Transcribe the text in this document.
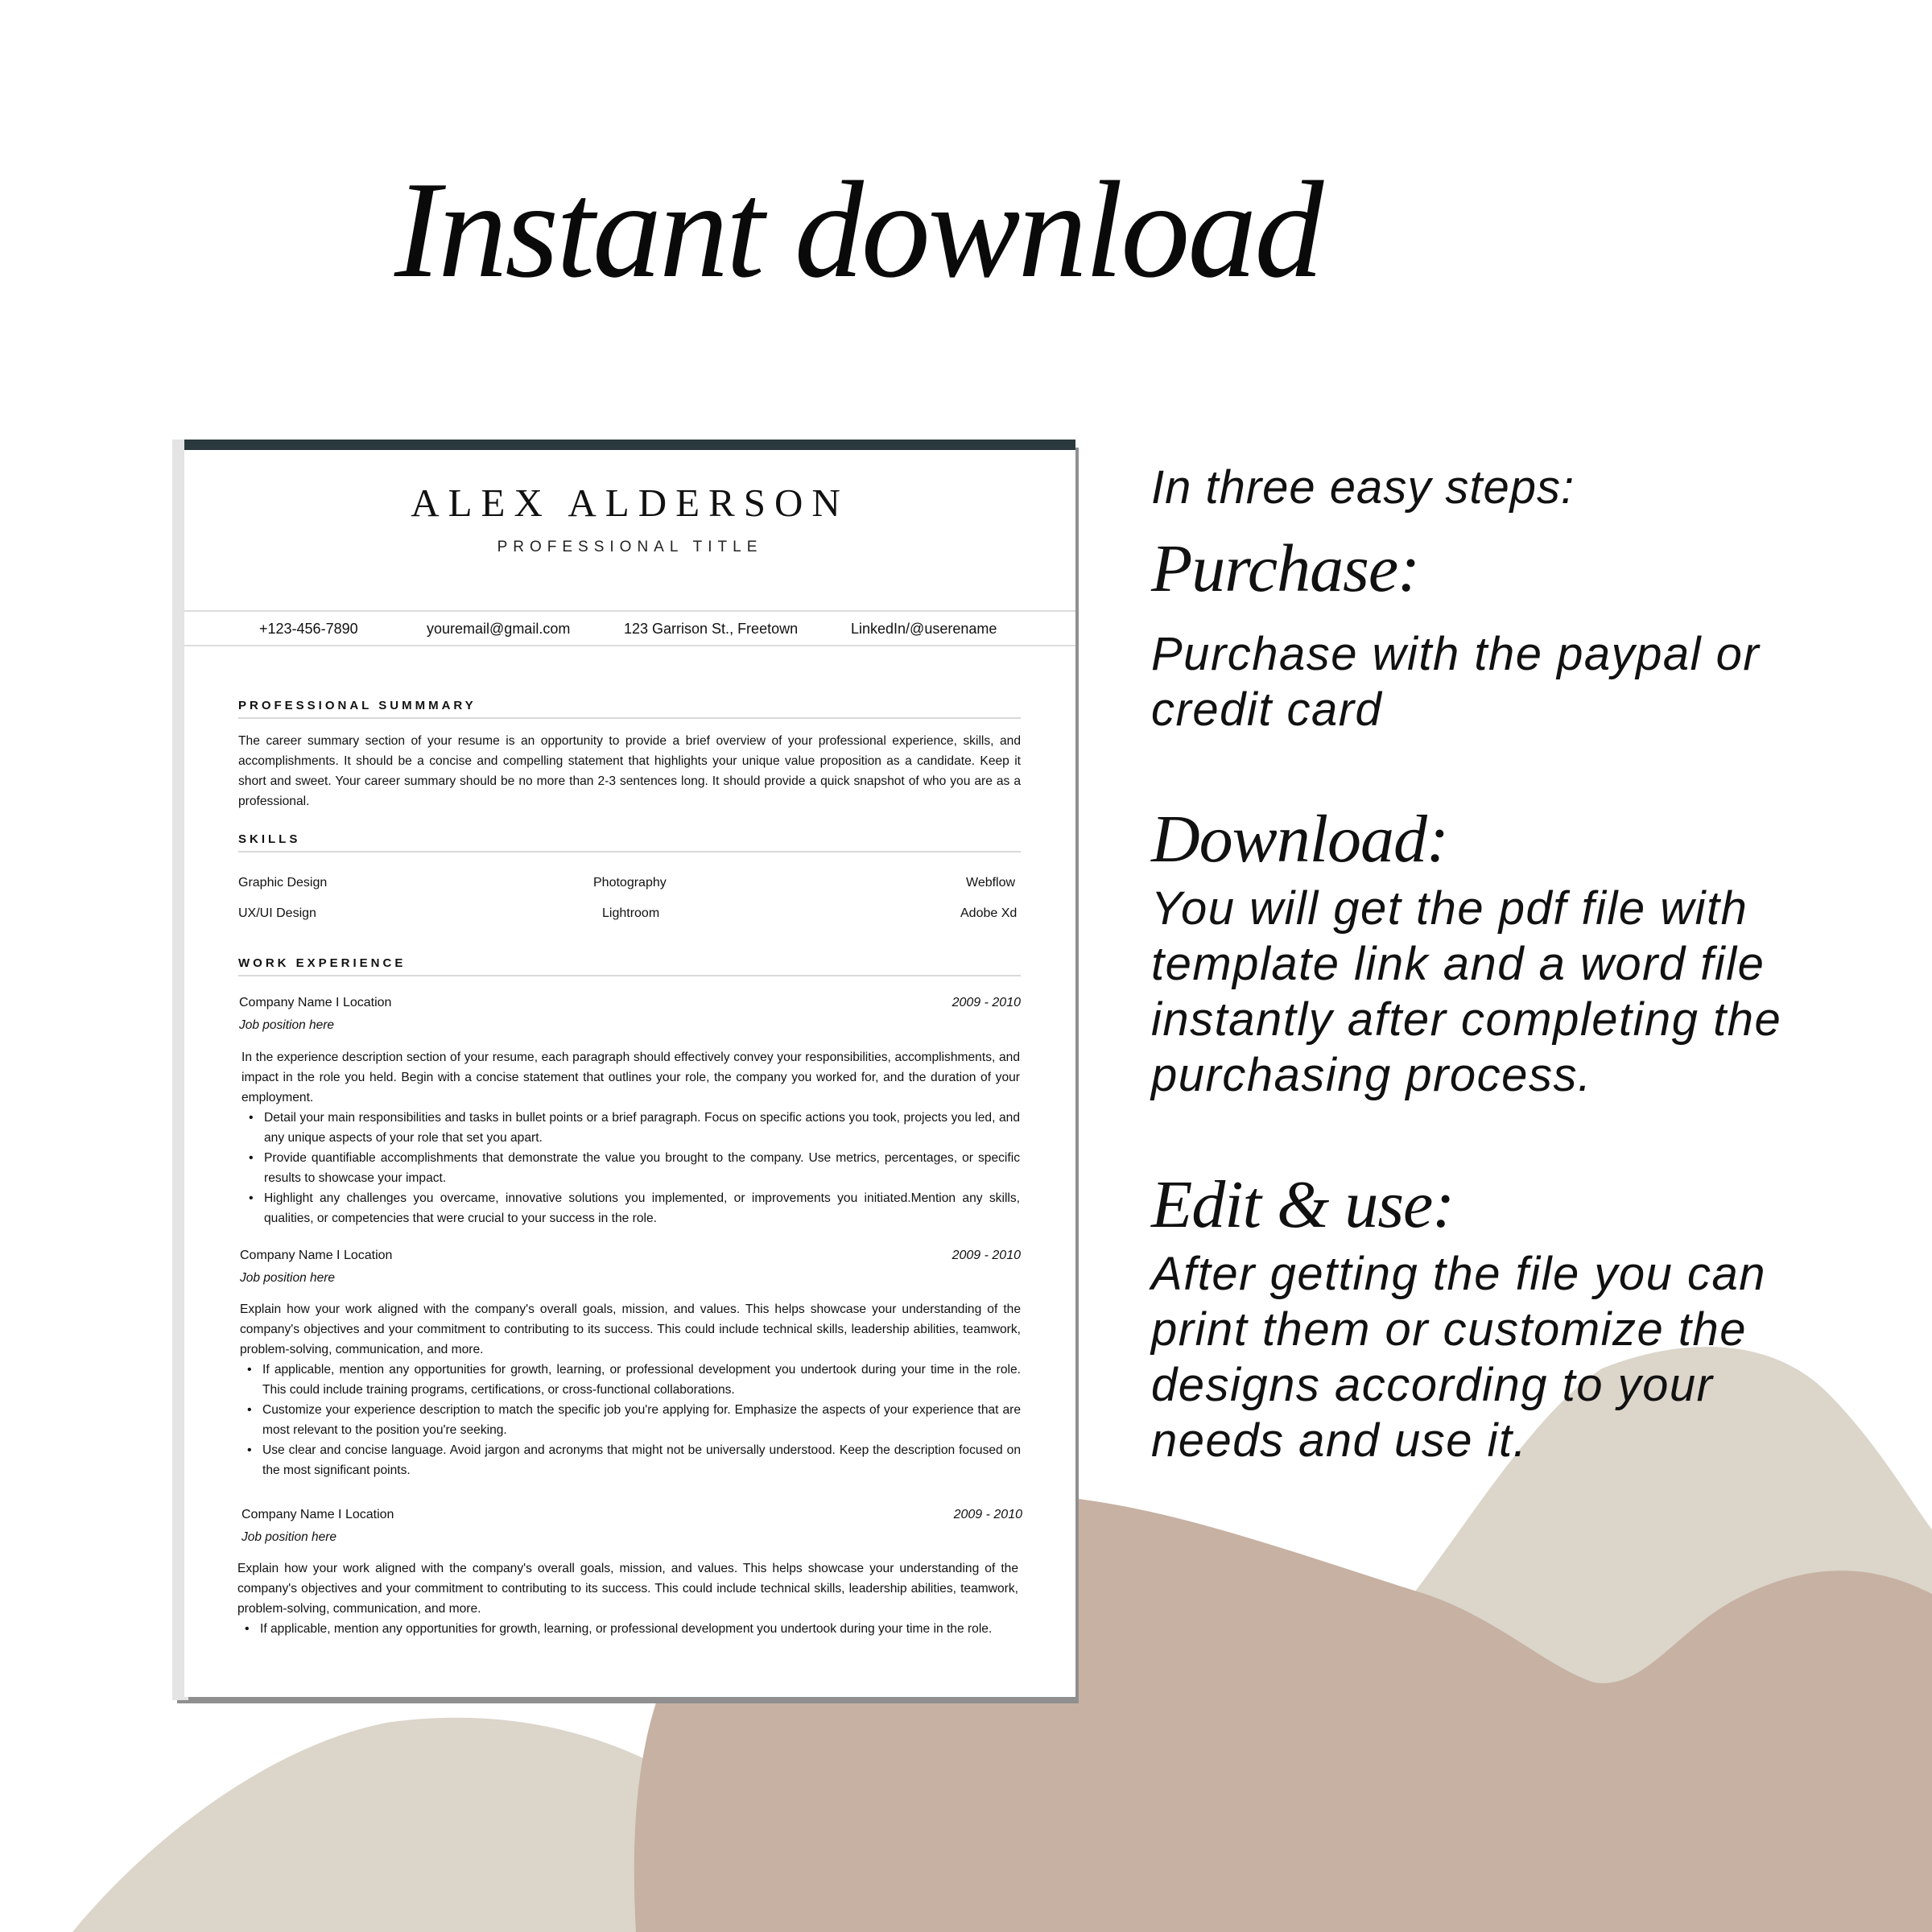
Instant download
ALEX ALDERSON
PROFESSIONAL TITLE
+123-456-7890	youremail@gmail.com	123 Garrison St., Freetown	LinkedIn/@userename
PROFESSIONAL SUMMMARY
The career summary section of your resume is an opportunity to provide a brief overview of your professional experience, skills, and accomplishments. It should be a concise and compelling statement that highlights your unique value proposition as a candidate. Keep it short and sweet. Your career summary should be no more than 2-3 sentences long. It should provide a quick snapshot of who you are as a professional.
SKILLS
Graphic Design	Photography	Webflow
UX/UI Design	Lightroom	Adobe Xd
WORK EXPERIENCE
Company Name I Location	2009 - 2010
Job position here
In the experience description section of your resume, each paragraph should effectively convey your responsibilities, accomplishments, and impact in the role you held. Begin with a concise statement that outlines your role, the company you worked for, and the duration of your employment.
• Detail your main responsibilities and tasks in bullet points or a brief paragraph. Focus on specific actions you took, projects you led, and any unique aspects of your role that set you apart.
• Provide quantifiable accomplishments that demonstrate the value you brought to the company. Use metrics, percentages, or specific results to showcase your impact.
• Highlight any challenges you overcame, innovative solutions you implemented, or improvements you initiated.Mention any skills, qualities, or competencies that were crucial to your success in the role.
Company Name I Location	2009 - 2010
Job position here
Explain how your work aligned with the company's overall goals, mission, and values. This helps showcase your understanding of the company's objectives and your commitment to contributing to its success. This could include technical skills, leadership abilities, teamwork, problem-solving, communication, and more.
• If applicable, mention any opportunities for growth, learning, or professional development you undertook during your time in the role. This could include training programs, certifications, or cross-functional collaborations.
• Customize your experience description to match the specific job you're applying for. Emphasize the aspects of your experience that are most relevant to the position you're seeking.
• Use clear and concise language. Avoid jargon and acronyms that might not be universally understood. Keep the description focused on the most significant points.
Company Name I Location	2009 - 2010
Job position here
Explain how your work aligned with the company's overall goals, mission, and values. This helps showcase your understanding of the company's objectives and your commitment to contributing to its success. This could include technical skills, leadership abilities, teamwork, problem-solving, communication, and more.
• If applicable, mention any opportunities for growth, learning, or professional development you undertook during your time in the role.
In three easy steps:
Purchase:
Purchase with the paypal or credit card
Download:
You will get the pdf file with template link and a word file instantly after completing the purchasing process.
Edit & use:
After getting the file you can print them or customize the designs according to your needs and use it.
